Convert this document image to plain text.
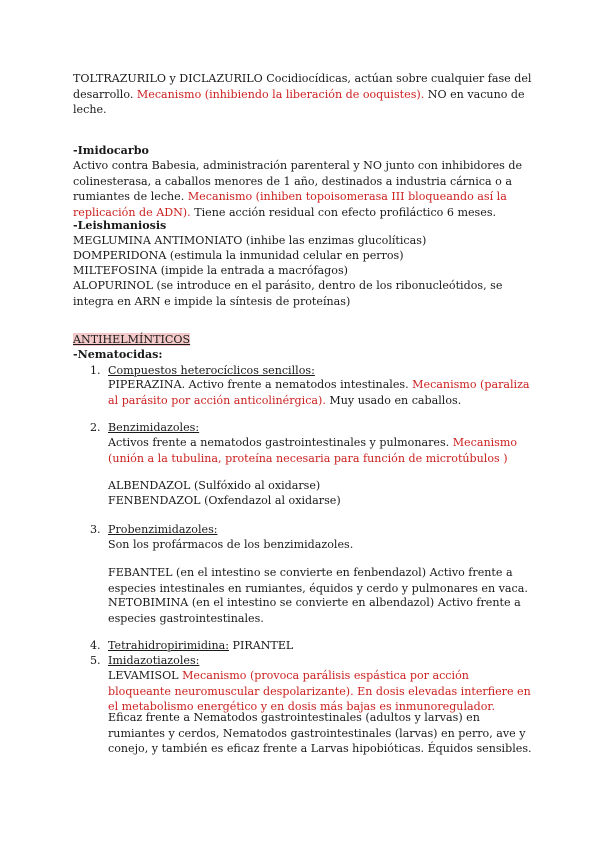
TOLTRAZURILO y DICLAZURILO Cocidiocídicas, actúan sobre cualquier fase del desarrollo. Mecanismo (inhibiendo la liberación de ooquistes). NO en vacuno de leche.

-Imidocarbo

Activo contra Babesia, administración parenteral y NO junto con inhibidores de colinesterasa, a caballos menores de 1 año, destinados a industria cárnica o a rumiantes de leche. Mecanismo (inhiben topoisomerasa III bloqueando así la replicación de ADN). Tiene acción residual con efecto profiláctico 6 meses.

-Leishmaniosis

MEGLUMINA ANTIMONIATO (inhibe las enzimas glucolíticas)

DOMPERIDONA (estimula la inmunidad celular en perros)

MILTEFOSINA (impide la entrada a macrófagos)

ALOPURINOL (se introduce en el parásito, dentro de los ribonucleótidos, se integra en ARN e impide la síntesis de proteínas)

ANTIHELMÍNTICOS

-Nematocidas:

1. Compuestos heterocíclicos sencillos:

PIPERAZINA. Activo frente a nematodos intestinales. Mecanismo (paraliza al parásito por acción anticolinérgica). Muy usado en caballos.

2. Benzimidazoles:

Activos frente a nematodos gastrointestinales y pulmonares. Mecanismo (unión a la tubulina, proteína necesaria para función de microtúbulos )

ALBENDAZOL (Sulfóxido al oxidarse)

FENBENDAZOL (Oxfendazol al oxidarse)

3. Probenzimidazoles:

Son los profármacos de los benzimidazoles.

FEBANTEL (en el intestino se convierte en fenbendazol) Activo frente a especies intestinales en rumiantes, équidos y cerdo y pulmonares en vaca.

NETOBIMINA (en el intestino se convierte en albendazol) Activo frente a especies gastrointestinales.

4. Tetrahidropirimidina: PIRANTEL

5. Imidazotiazoles:

LEVAMISOL Mecanismo (provoca parálisis espástica por acción bloqueante neuromuscular despolarizante). En dosis elevadas interfiere en el metabolismo energético y en dosis más bajas es inmunoregulador.

Eficaz frente a Nematodos gastrointestinales (adultos y larvas) en rumiantes y cerdos, Nematodos gastrointestinales (larvas) en perro, ave y conejo, y también es eficaz frente a Larvas hipobióticas. Équidos sensibles.
